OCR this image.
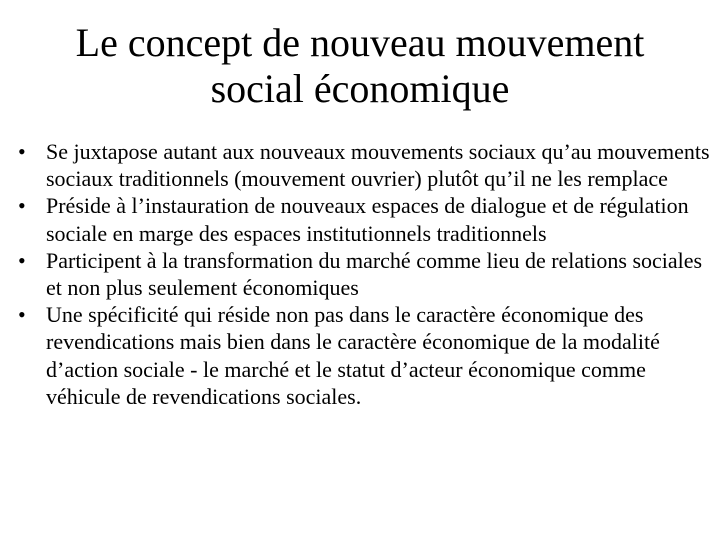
Le concept de nouveau mouvement
social économique
• Se juxtapose autant aux nouveaux mouvements sociaux qu’au mouvements sociaux traditionnels (mouvement ouvrier) plutôt qu’il ne les remplace
• Préside à l’instauration de nouveaux espaces de dialogue et de régulation sociale en marge des espaces institutionnels traditionnels
• Participent à la transformation du marché comme lieu de relations sociales et non plus seulement économiques
• Une spécificité qui réside non pas dans le caractère économique des revendications mais bien dans le caractère économique de la modalité d’action sociale - le marché et le statut d’acteur économique comme véhicule de revendications sociales.
